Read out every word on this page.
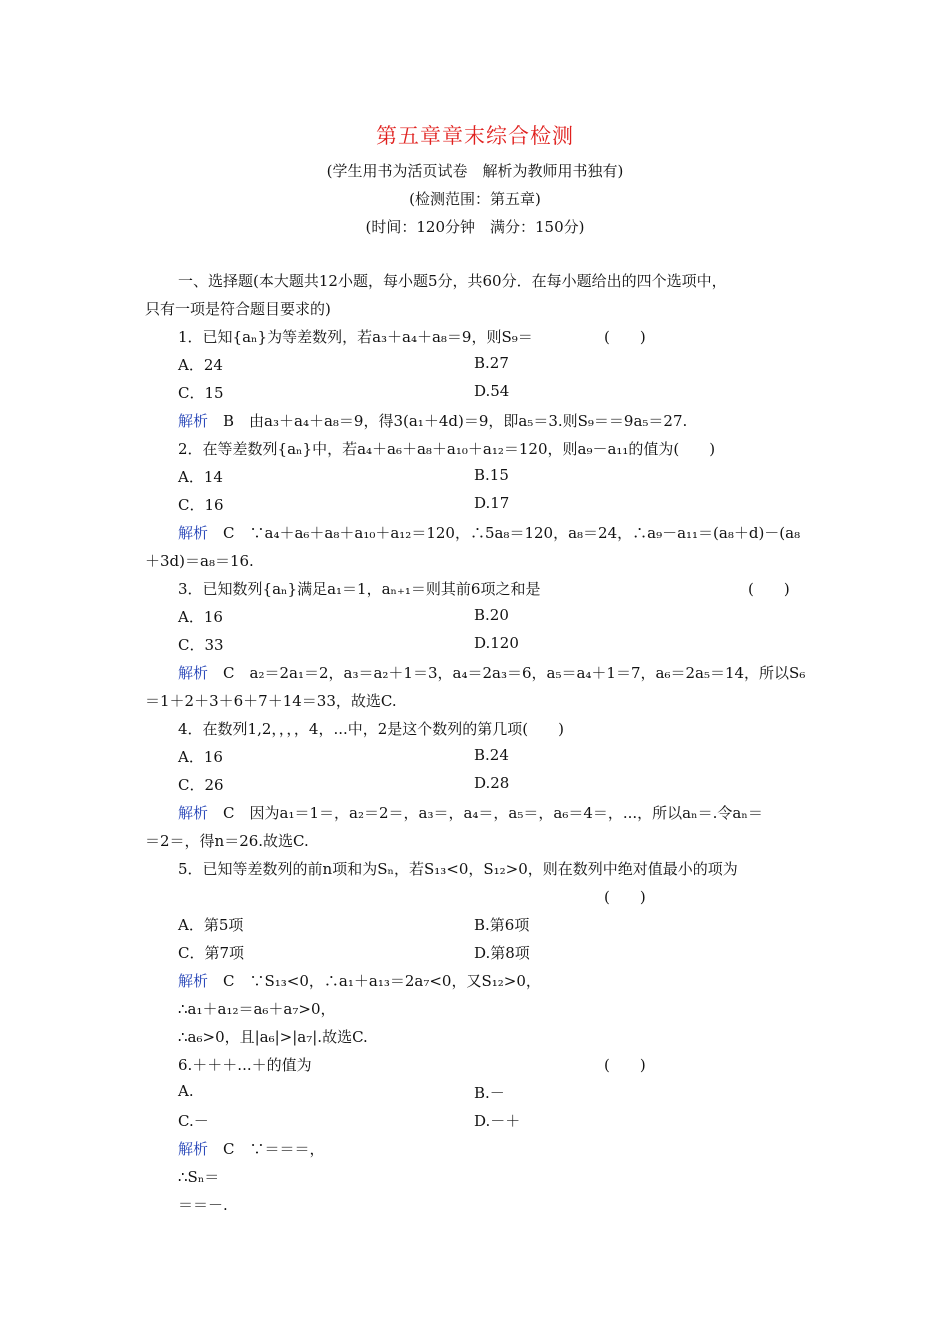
第五章章末综合检测
(学生用书为活页试卷　解析为教师用书独有)
(检测范围：第五章)
(时间：120分钟　满分：150分)
一、选择题(本大题共12小题，每小题5分，共60分．在每小题给出的四个选项中，
只有一项是符合题目要求的)
1．已知{aₙ}为等差数列，若a₃＋a₄＋a₈＝9，则S₉＝	(　　)
A．24	B.27
C．15	D.54
解析　 B　由a₃＋a₄＋a₈＝9，得3(a₁＋4d)＝9，即a₅＝3.则S₉＝＝9a₅＝27.
2．在等差数列{aₙ}中，若a₄＋a₆＋a₈＋a₁₀＋a₁₂＝120，则a₉－a₁₁的值为(　　)
A．14	B.15
C．16	D.17
解析　 C　∵a₄＋a₆＋a₈＋a₁₀＋a₁₂＝120，∴5a₈＝120，a₈＝24，∴a₉－a₁₁＝(a₈＋d)－(a₈
＋3d)＝a₈＝16.
3．已知数列{aₙ}满足a₁＝1，aₙ₊₁＝则其前6项之和是	(　　)
A．16	B.20
C．33	D.120
解析　 C　a₂＝2a₁＝2，a₃＝a₂＋1＝3，a₄＝2a₃＝6，a₅＝a₄＋1＝7，a₆＝2a₅＝14，所以S₆
＝1＋2＋3＋6＋7＋14＝33，故选C.
4．在数列1,2，，，，4，...中，2是这个数列的第几项(　　)
A．16	B.24
C．26	D.28
解析　 C　因为a₁＝1＝，a₂＝2＝，a₃＝，a₄＝，a₅＝，a₆＝4＝，...，所以aₙ＝.令aₙ＝
＝2＝，得n＝26.故选C.
5．已知等差数列的前n项和为Sₙ，若S₁₃<0，S₁₂>0，则在数列中绝对值最小的项为
(　　)
A．第5项	B.第6项
C．第7项	D.第8项
解析　 C　∵S₁₃<0，∴a₁＋a₁₃＝2a₇<0，又S₁₂>0，
∴a₁＋a₁₂＝a₆＋a₇>0，
∴a₆>0，且|a₆|>|a₇|.故选C.
6.＋＋＋...＋的值为	(　　)
A.	B.－
C.－	D.－＋
解析　 C　∵＝＝＝，
∴Sₙ＝
＝＝－.
